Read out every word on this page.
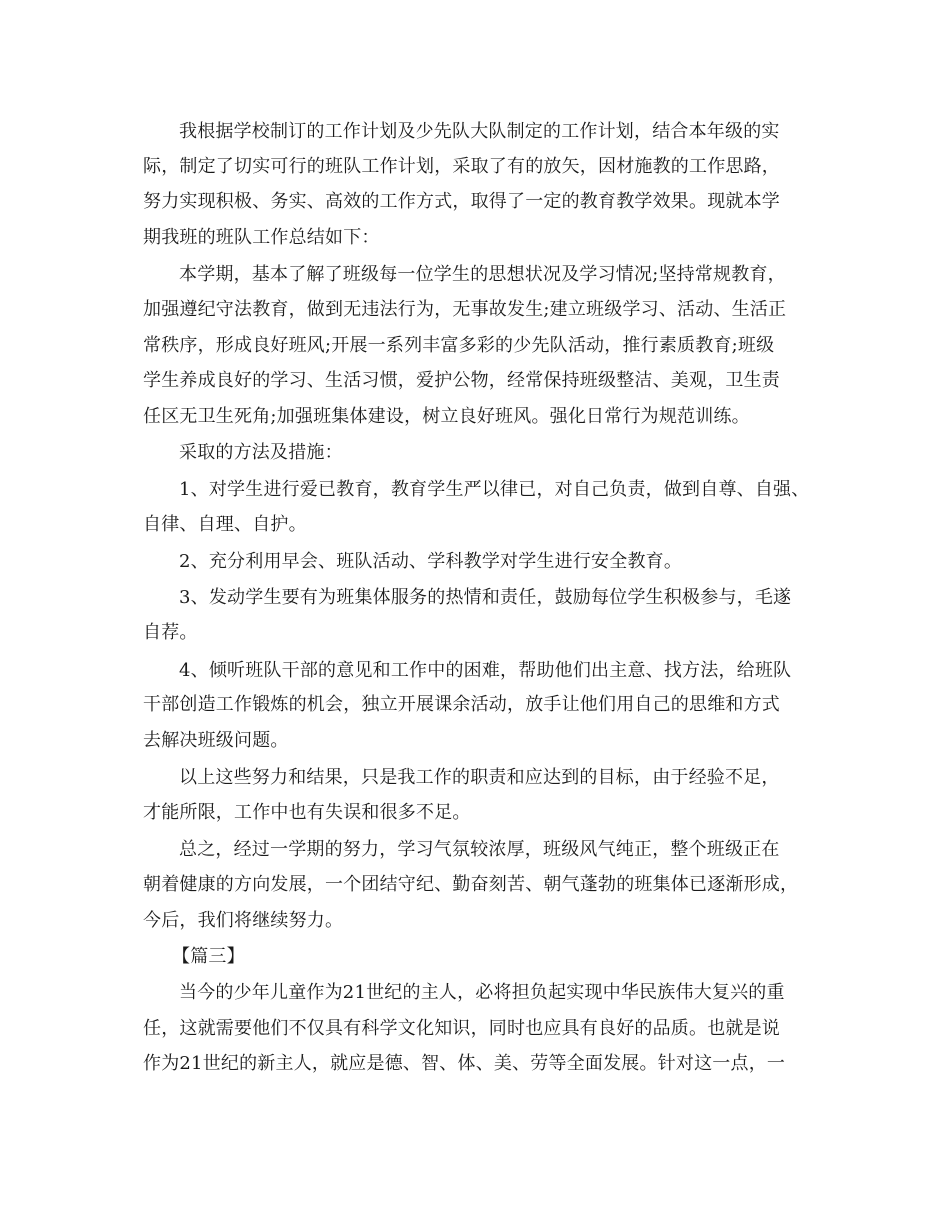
我根据学校制订的工作计划及少先队大队制定的工作计划，结合本年级的实
际，制定了切实可行的班队工作计划，采取了有的放矢，因材施教的工作思路，
努力实现积极、务实、高效的工作方式，取得了一定的教育教学效果。现就本学
期我班的班队工作总结如下：
本学期，基本了解了班级每一位学生的思想状况及学习情况;坚持常规教育，
加强遵纪守法教育，做到无违法行为，无事故发生;建立班级学习、活动、生活正
常秩序，形成良好班风;开展一系列丰富多彩的少先队活动，推行素质教育;班级
学生养成良好的学习、生活习惯，爱护公物，经常保持班级整洁、美观，卫生责
任区无卫生死角;加强班集体建设，树立良好班风。强化日常行为规范训练。
采取的方法及措施：
1、对学生进行爱已教育，教育学生严以律已，对自己负责，做到自尊、自强、
自律、自理、自护。
2、充分利用早会、班队活动、学科教学对学生进行安全教育。
3、发动学生要有为班集体服务的热情和责任，鼓励每位学生积极参与，毛遂
自荐。
4、倾听班队干部的意见和工作中的困难，帮助他们出主意、找方法，给班队
干部创造工作锻炼的机会，独立开展课余活动，放手让他们用自己的思维和方式
去解决班级问题。
以上这些努力和结果，只是我工作的职责和应达到的目标，由于经验不足，
才能所限，工作中也有失误和很多不足。
总之，经过一学期的努力，学习气氛较浓厚，班级风气纯正，整个班级正在
朝着健康的方向发展，一个团结守纪、勤奋刻苦、朝气蓬勃的班集体已逐渐形成，
今后，我们将继续努力。
【篇三】
当今的少年儿童作为21世纪的主人，必将担负起实现中华民族伟大复兴的重
任，这就需要他们不仅具有科学文化知识，同时也应具有良好的品质。也就是说
作为21世纪的新主人，就应是德、智、体、美、劳等全面发展。针对这一点，一
